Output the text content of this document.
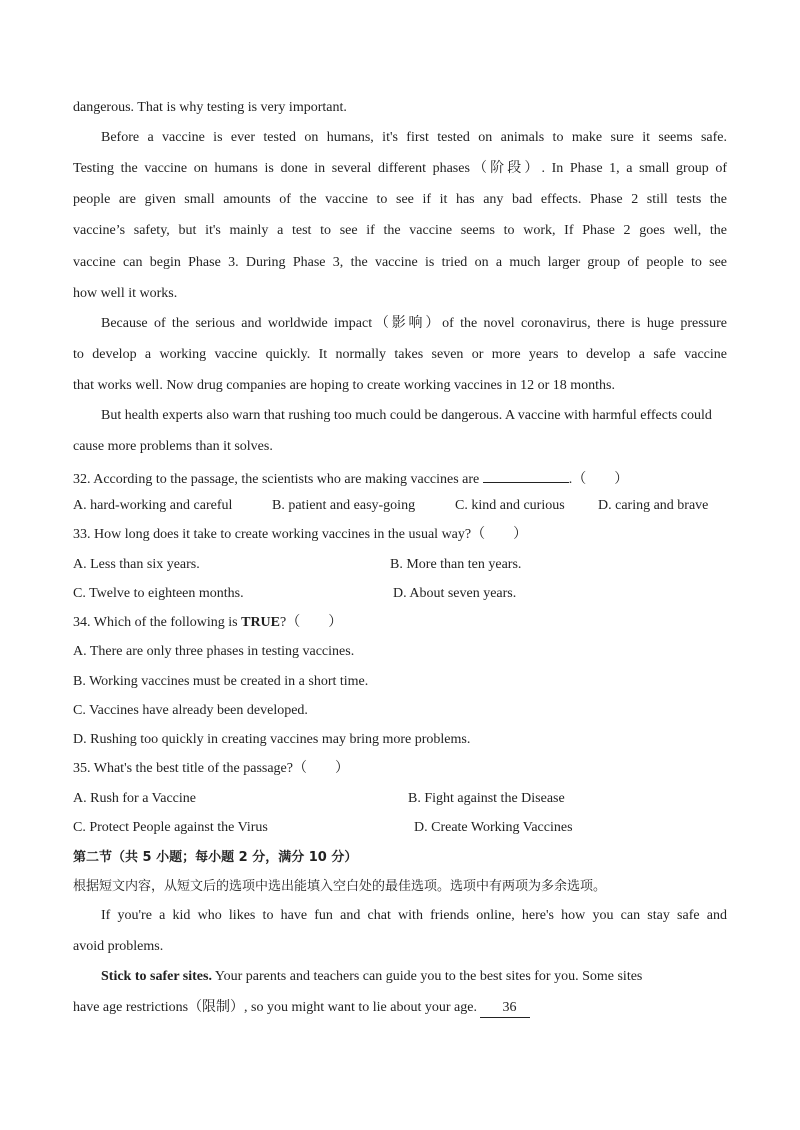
dangerous. That is why testing is very important.
Before a vaccine is ever tested on humans, it's first tested on animals to make sure it seems safe.
Testing the vaccine on humans is done in several different phases（阶段）. In Phase 1, a small group of
people are given small amounts of the vaccine to see if it has any bad effects. Phase 2 still tests the
vaccine’s safety, but it's mainly a test to see if the vaccine seems to work, If Phase 2 goes well, the
vaccine can begin Phase 3. During Phase 3, the vaccine is tried on a much larger group of people to see
how well it works.
Because of the serious and worldwide impact（影响）of the novel coronavirus, there is huge pressure
to develop a working vaccine quickly. It normally takes seven or more years to develop a safe vaccine
that works well. Now drug companies are hoping to create working vaccines in 12 or 18 months.
But health experts also warn that rushing too much could be dangerous. A vaccine with harmful effects could
cause more problems than it solves.
32. According to the passage, the scientists who are making vaccines are	.（　　）
A. hard-working and careful	B. patient and easy-going	C. kind and curious D. caring and brave
33. How long does it take to create working vaccines in the usual way?（　　）
A. Less than six years.	B. More than ten years.
C. Twelve to eighteen months.	D. About seven years.
34. Which of the following is TRUE?（　　）
A. There are only three phases in testing vaccines.
B. Working vaccines must be created in a short time.
C. Vaccines have already been developed.
D. Rushing too quickly in creating vaccines may bring more problems.
35. What's the best title of the passage?（　　）
A. Rush for a Vaccine	B. Fight against the Disease
C. Protect People against the Virus	D. Create Working Vaccines
第二节（共 5 小题；每小题 2 分，满分 10 分）
根据短文内容，从短文后的选项中选出能填入空白处的最佳选项。选项中有两项为多余选项。
If you're a kid who likes to have fun and chat with friends online, here's how you can stay safe and
avoid problems.
Stick to safer sites. Your parents and teachers can guide you to the best sites for you. Some sites
have age restrictions（限制）, so you might want to lie about your age. 36
